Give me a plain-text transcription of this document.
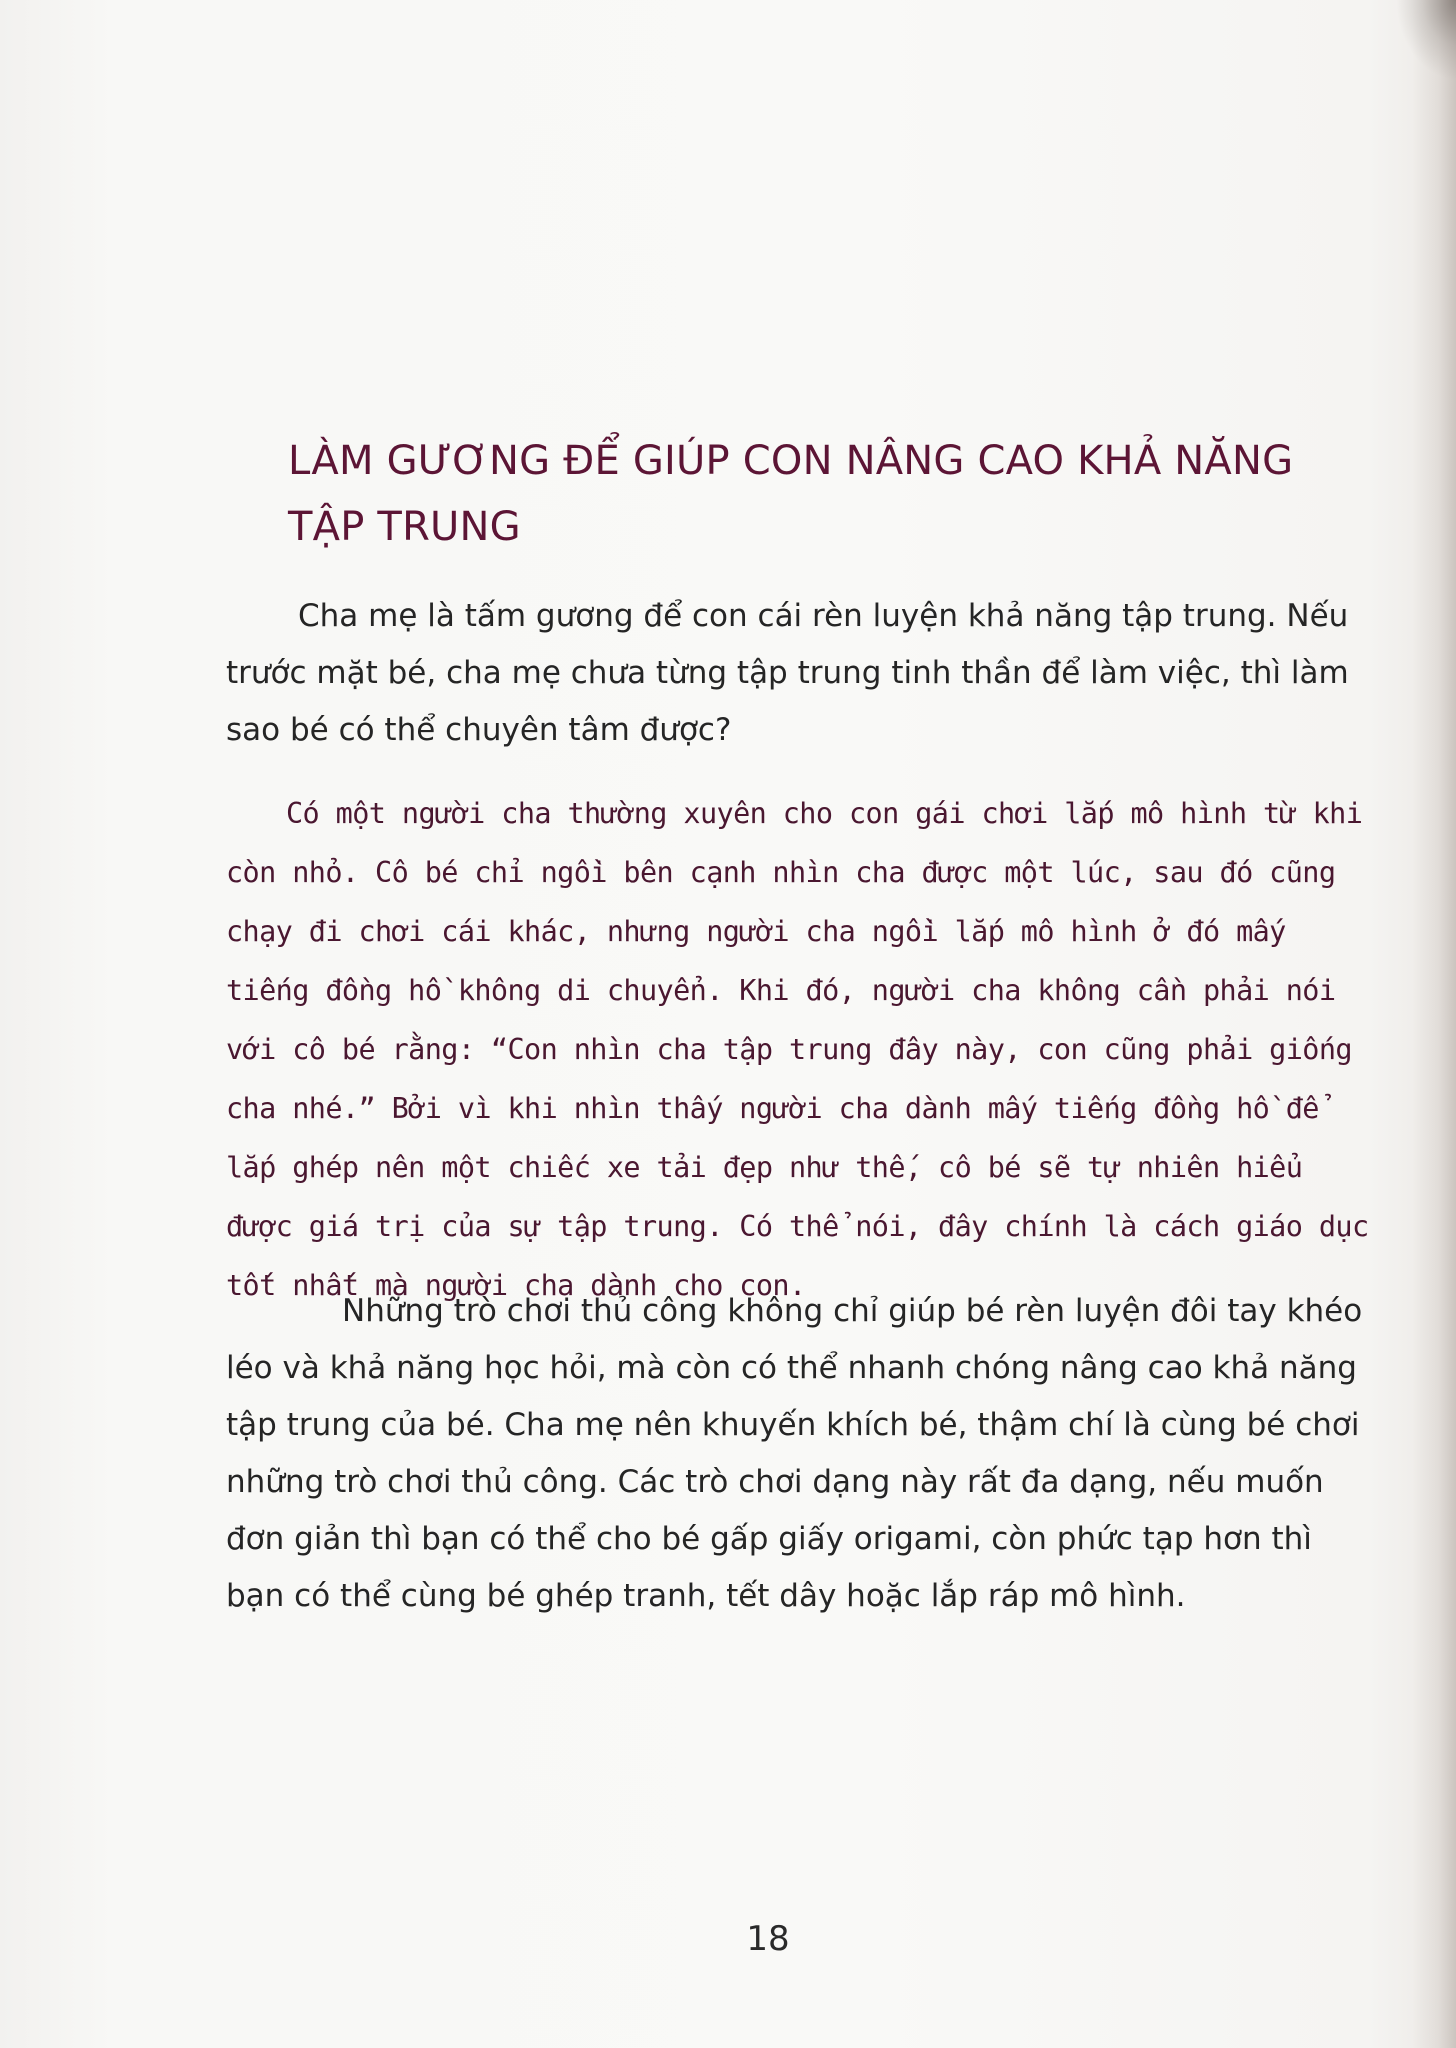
LÀM GƯƠNG ĐỂ GIÚP CON NÂNG CAO KHẢ NĂNG TẬP TRUNG

Cha mẹ là tấm gương để con cái rèn luyện khả năng tập trung. Nếu trước mặt bé, cha mẹ chưa từng tập trung tinh thần để làm việc, thì làm sao bé có thể chuyên tâm được?

Có một người cha thường xuyên cho con gái chơi lắp mô hình từ khi còn nhỏ. Cô bé chỉ ngồi bên cạnh nhìn cha được một lúc, sau đó cũng chạy đi chơi cái khác, nhưng người cha ngồi lắp mô hình ở đó mấy tiếng đồng hồ không di chuyển. Khi đó, người cha không cần phải nói với cô bé rằng: “Con nhìn cha tập trung đây này, con cũng phải giống cha nhé.” Bởi vì khi nhìn thấy người cha dành mấy tiếng đồng hồ để lắp ghép nên một chiếc xe tải đẹp như thế, cô bé sẽ tự nhiên hiểu được giá trị của sự tập trung. Có thể nói, đây chính là cách giáo dục tốt nhất mà người cha dành cho con.

Những trò chơi thủ công không chỉ giúp bé rèn luyện đôi tay khéo léo và khả năng học hỏi, mà còn có thể nhanh chóng nâng cao khả năng tập trung của bé. Cha mẹ nên khuyến khích bé, thậm chí là cùng bé chơi những trò chơi thủ công. Các trò chơi dạng này rất đa dạng, nếu muốn đơn giản thì bạn có thể cho bé gấp giấy origami, còn phức tạp hơn thì bạn có thể cùng bé ghép tranh, tết dây hoặc lắp ráp mô hình.

18
